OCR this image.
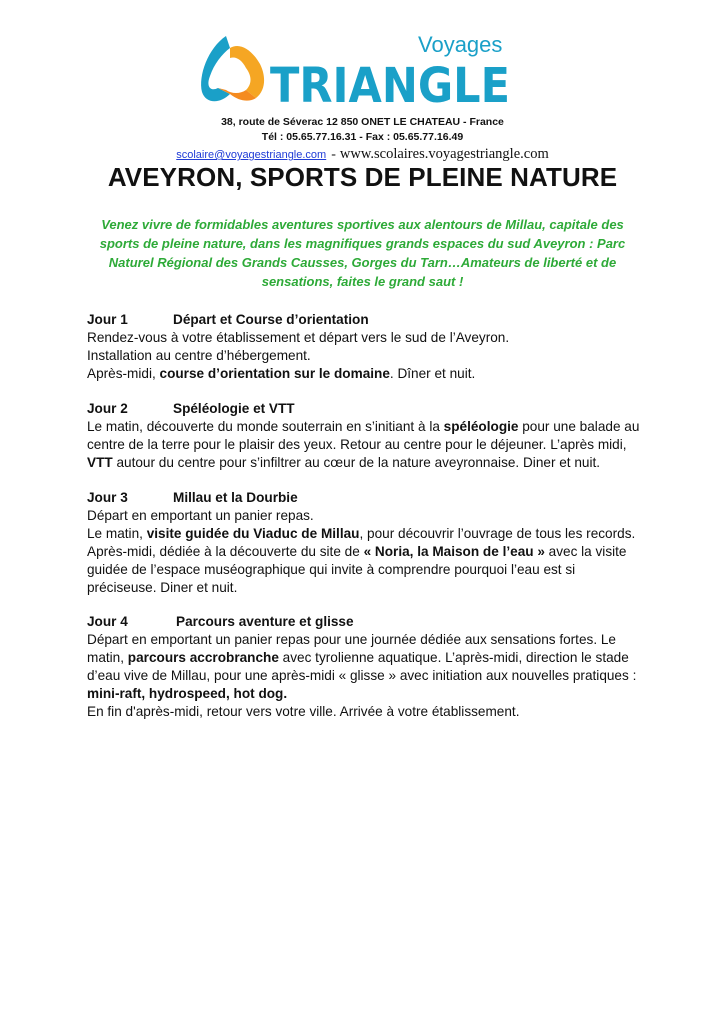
Voyages
TRIANGLE
38, route de Séverac 12 850 ONET LE CHATEAU - France
Tél : 05.65.77.16.31 - Fax : 05.65.77.16.49
scolaire@voyagestriangle.com - www.scolaires.voyagestriangle.com
AVEYRON, SPORTS DE PLEINE NATURE

Venez vivre de formidables aventures sportives aux alentours de Millau, capitale des sports de pleine nature, dans les magnifiques grands espaces du sud Aveyron : Parc Naturel Régional des Grands Causses, Gorges du Tarn…Amateurs de liberté et de sensations, faites le grand saut !

Jour 1	Départ et Course d’orientation

Rendez-vous à votre établissement et départ vers le sud de l’Aveyron.

Installation au centre d’hébergement.

Après-midi, course d’orientation sur le domaine. Dîner et nuit.

Jour 2	Spéléologie et VTT

Le matin, découverte du monde souterrain en s’initiant à la spéléologie pour une balade au centre de la terre pour le plaisir des yeux. Retour au centre pour le déjeuner. L’après midi, VTT autour du centre pour s’infiltrer au cœur de la nature aveyronnaise. Diner et nuit.

Jour 3	Millau et la Dourbie

Départ en emportant un panier repas.

Le matin, visite guidée du Viaduc de Millau, pour découvrir l’ouvrage de tous les records. Après-midi, dédiée à la découverte du site de « Noria, la Maison de l’eau » avec la visite guidée de l’espace muséographique qui invite à comprendre pourquoi l’eau est si préciseuse. Diner et nuit.

Jour 4	Parcours aventure et glisse

Départ en emportant un panier repas pour une journée dédiée aux sensations fortes. Le matin, parcours accrobranche avec tyrolienne aquatique. L’après-midi, direction le stade d’eau vive de Millau, pour une après-midi « glisse » avec initiation aux nouvelles pratiques : mini-raft, hydrospeed, hot dog.

En fin d'après-midi, retour vers votre ville. Arrivée à votre établissement.
